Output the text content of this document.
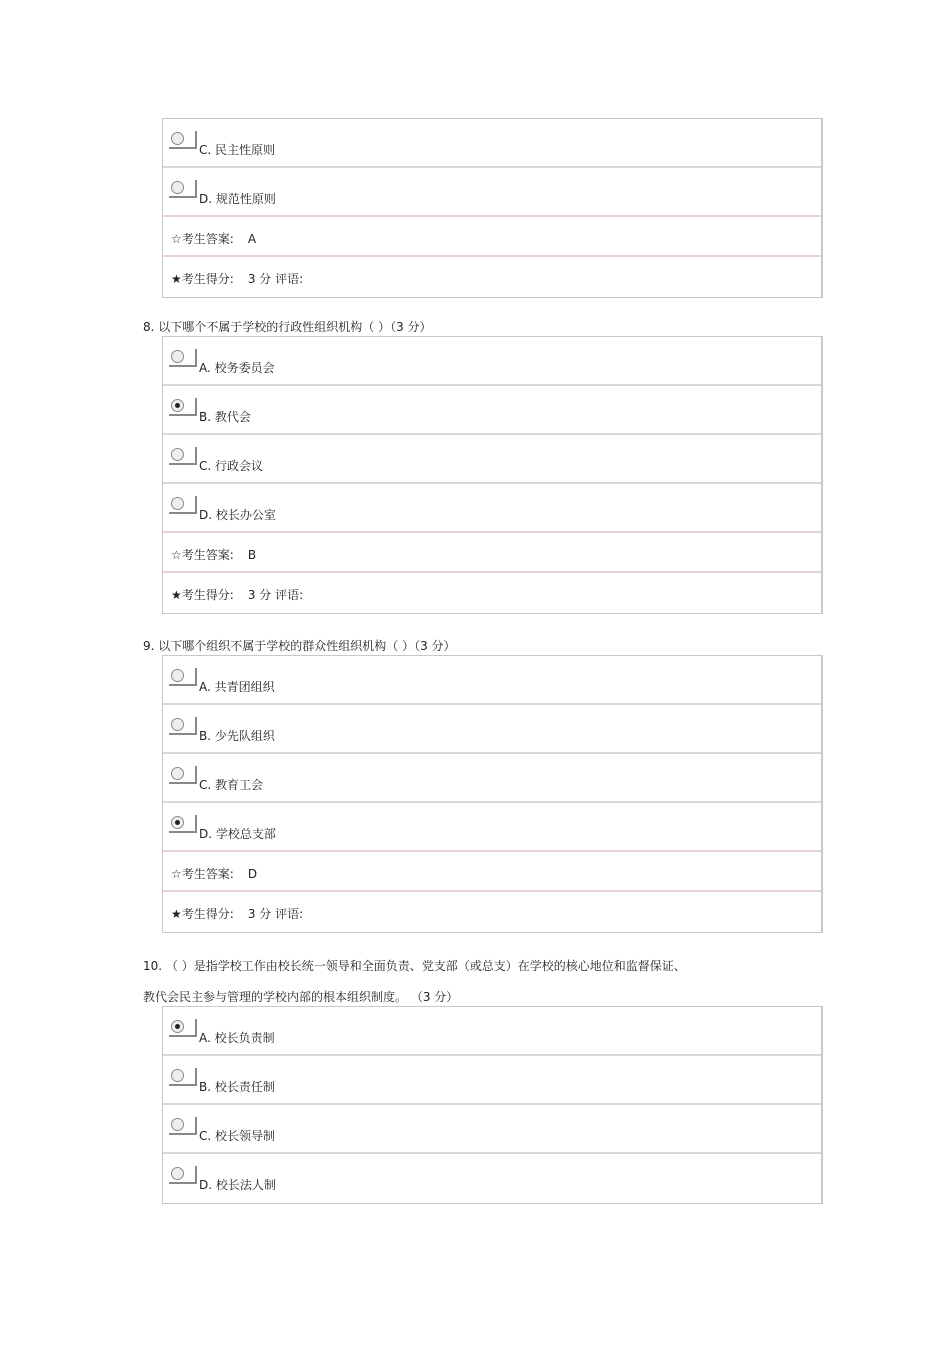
C. 民主性原则
D. 规范性原则
☆考生答案: A
★考生得分: 3 分 评语:
8. 以下哪个不属于学校的行政性组织机构（ ）（3 分）
A. 校务委员会
B. 教代会
C. 行政会议
D. 校长办公室
☆考生答案: B
★考生得分: 3 分 评语:
9. 以下哪个组织不属于学校的群众性组织机构（ ）（3 分）
A. 共青团组织
B. 少先队组织
C. 教育工会
D. 学校总支部
☆考生答案: D
★考生得分: 3 分 评语:
10. （ ）是指学校工作由校长统一领导和全面负责、党支部（或总支）在学校的核心地位和监督保证、
教代会民主参与管理的学校内部的根本组织制度。 （3 分）
A. 校长负责制
B. 校长责任制
C. 校长领导制
D. 校长法人制
